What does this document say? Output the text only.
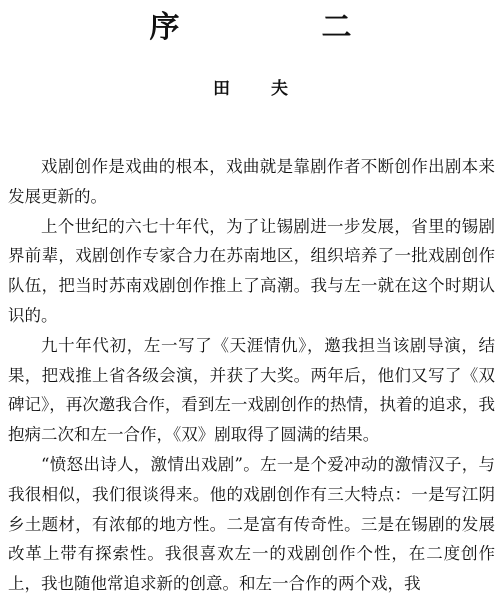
序　二
田　夫

戏剧创作是戏曲的根本，戏曲就是靠剧作者不断创作出剧本来发展更新的。

上个世纪的六七十年代，为了让锡剧进一步发展，省里的锡剧界前辈，戏剧创作专家合力在苏南地区，组织培养了一批戏剧创作队伍，把当时苏南戏剧创作推上了高潮。我与左一就在这个时期认识的。

九十年代初，左一写了《天涯情仇》，邀我担当该剧导演，结果，把戏推上省各级会演，并获了大奖。两年后，他们又写了《双碑记》，再次邀我合作，看到左一戏剧创作的热情，执着的追求，我抱病二次和左一合作，《双》剧取得了圆满的结果。

“愤怒出诗人，激情出戏剧”。左一是个爱冲动的激情汉子，与我很相似，我们很谈得来。他的戏剧创作有三大特点：一是写江阴乡土题材，有浓郁的地方性。二是富有传奇性。三是在锡剧的发展改革上带有探索性。我很喜欢左一的戏剧创作个性，在二度创作上，我也随他常追求新的创意。和左一合作的两个戏，我
